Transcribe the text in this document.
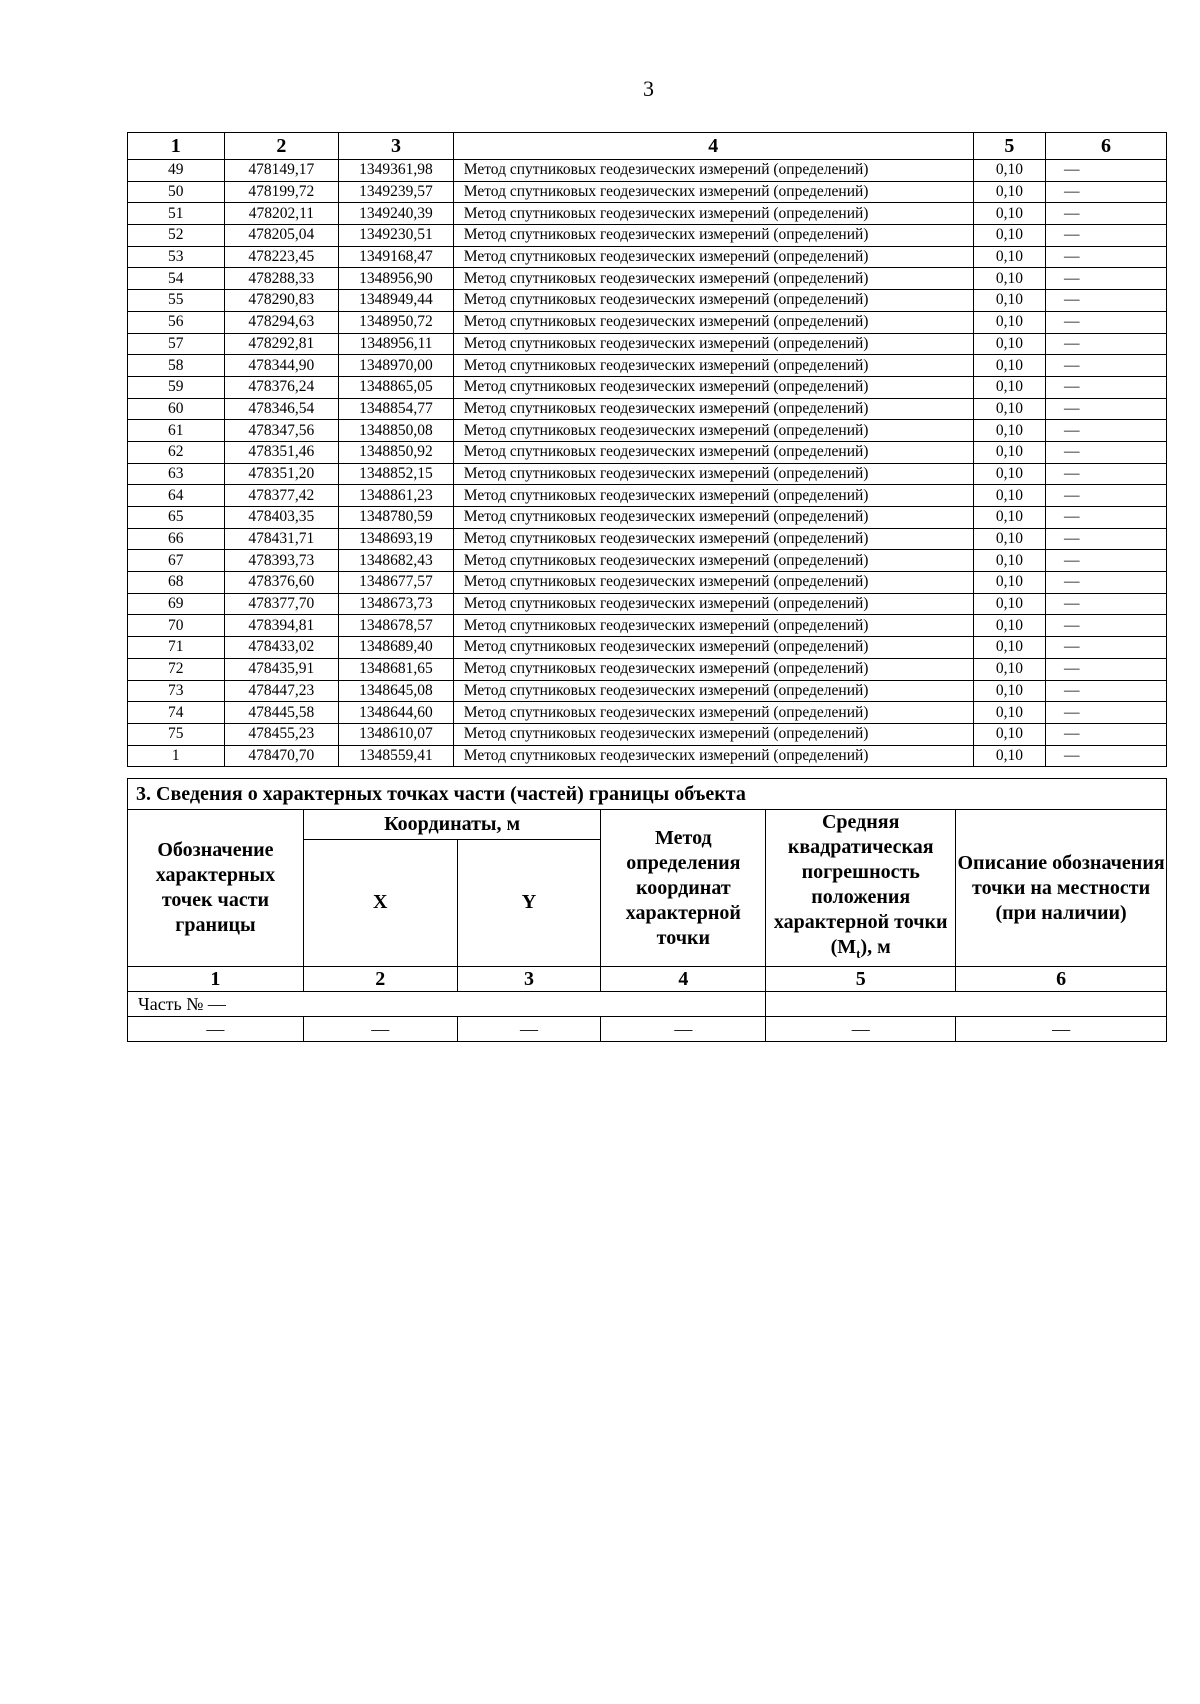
3
1	2	3	4	5	6
49	478149,17	1349361,98	Метод спутниковых геодезических измерений (определений)	0,10	—
50	478199,72	1349239,57	Метод спутниковых геодезических измерений (определений)	0,10	—
51	478202,11	1349240,39	Метод спутниковых геодезических измерений (определений)	0,10	—
52	478205,04	1349230,51	Метод спутниковых геодезических измерений (определений)	0,10	—
53	478223,45	1349168,47	Метод спутниковых геодезических измерений (определений)	0,10	—
54	478288,33	1348956,90	Метод спутниковых геодезических измерений (определений)	0,10	—
55	478290,83	1348949,44	Метод спутниковых геодезических измерений (определений)	0,10	—
56	478294,63	1348950,72	Метод спутниковых геодезических измерений (определений)	0,10	—
57	478292,81	1348956,11	Метод спутниковых геодезических измерений (определений)	0,10	—
58	478344,90	1348970,00	Метод спутниковых геодезических измерений (определений)	0,10	—
59	478376,24	1348865,05	Метод спутниковых геодезических измерений (определений)	0,10	—
60	478346,54	1348854,77	Метод спутниковых геодезических измерений (определений)	0,10	—
61	478347,56	1348850,08	Метод спутниковых геодезических измерений (определений)	0,10	—
62	478351,46	1348850,92	Метод спутниковых геодезических измерений (определений)	0,10	—
63	478351,20	1348852,15	Метод спутниковых геодезических измерений (определений)	0,10	—
64	478377,42	1348861,23	Метод спутниковых геодезических измерений (определений)	0,10	—
65	478403,35	1348780,59	Метод спутниковых геодезических измерений (определений)	0,10	—
66	478431,71	1348693,19	Метод спутниковых геодезических измерений (определений)	0,10	—
67	478393,73	1348682,43	Метод спутниковых геодезических измерений (определений)	0,10	—
68	478376,60	1348677,57	Метод спутниковых геодезических измерений (определений)	0,10	—
69	478377,70	1348673,73	Метод спутниковых геодезических измерений (определений)	0,10	—
70	478394,81	1348678,57	Метод спутниковых геодезических измерений (определений)	0,10	—
71	478433,02	1348689,40	Метод спутниковых геодезических измерений (определений)	0,10	—
72	478435,91	1348681,65	Метод спутниковых геодезических измерений (определений)	0,10	—
73	478447,23	1348645,08	Метод спутниковых геодезических измерений (определений)	0,10	—
74	478445,58	1348644,60	Метод спутниковых геодезических измерений (определений)	0,10	—
75	478455,23	1348610,07	Метод спутниковых геодезических измерений (определений)	0,10	—
1	478470,70	1348559,41	Метод спутниковых геодезических измерений (определений)	0,10	—
3. Сведения о характерных точках части (частей) границы объекта					
Обозначение характерных точек части границы	Координаты, м		Метод определения координат характерной точки	Средняя квадратическая погрешность положения характерной точки $(M_t)$, м	Описание обозначения точки на местности (при наличии)
	X	Y			
1	2	3	4	5	6
Часть № —					
—	—	—	—	—	—
